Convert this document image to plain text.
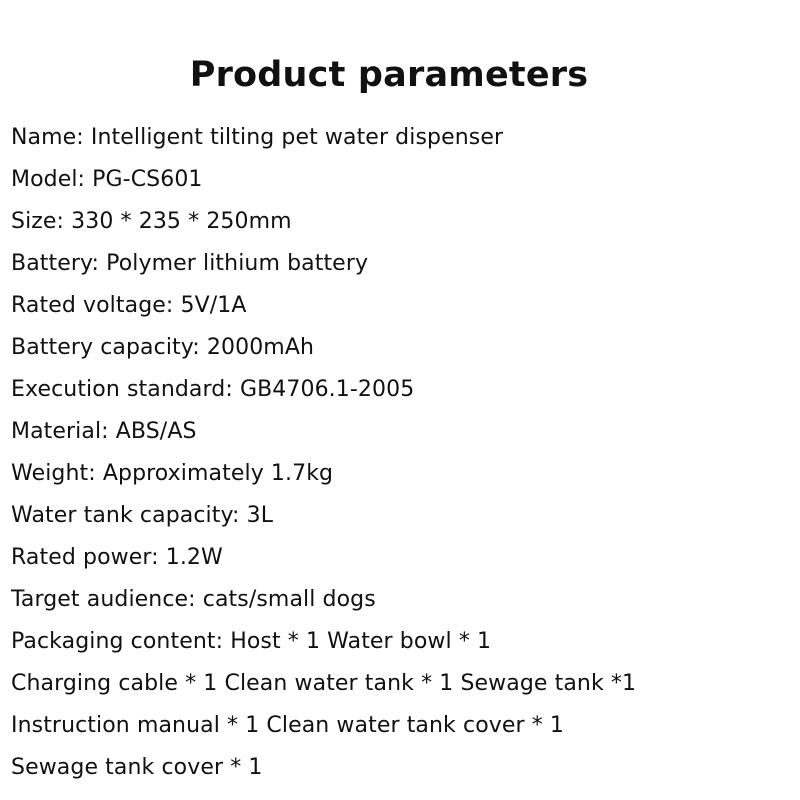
Product parameters
Name: Intelligent tilting pet water dispenser
Model: PG-CS601
Size: 330 * 235 * 250mm
Battery: Polymer lithium battery
Rated voltage: 5V/1A
Battery capacity: 2000mAh
Execution standard: GB4706.1-2005
Material: ABS/AS
Weight: Approximately 1.7kg
Water tank capacity: 3L
Rated power: 1.2W
Target audience: cats/small dogs
Packaging content: Host * 1 Water bowl * 1
Charging cable * 1 Clean water tank * 1 Sewage tank *1
Instruction manual * 1 Clean water tank cover * 1
Sewage tank cover * 1
